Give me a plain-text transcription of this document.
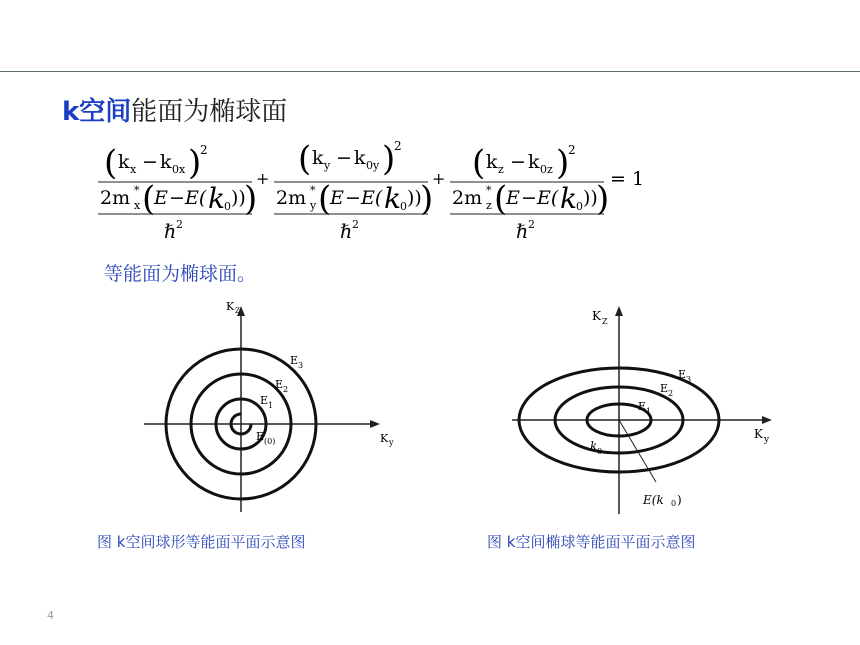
k空间能面为椭球面
( k x − k 0x )
2
2m *
x (
E − E( k 0 ))
)
ℏ 2
+ ( k y − k 0y )
2
2m *
y (
E − E( k 0 ))
)
ℏ 2
+ ( k z − k 0z )
2
2m *
z (
E − E( k 0 ))
)
ℏ 2
= 1
等能面为椭球面。
K Z
K y
E 3
E 2
E 1
E (0)
图 k空间球形等能面平面示意图
K Z
K y
E 3
E 2
E 1
k 0
E(k 0 )
图 k空间椭球等能面平面示意图
4
